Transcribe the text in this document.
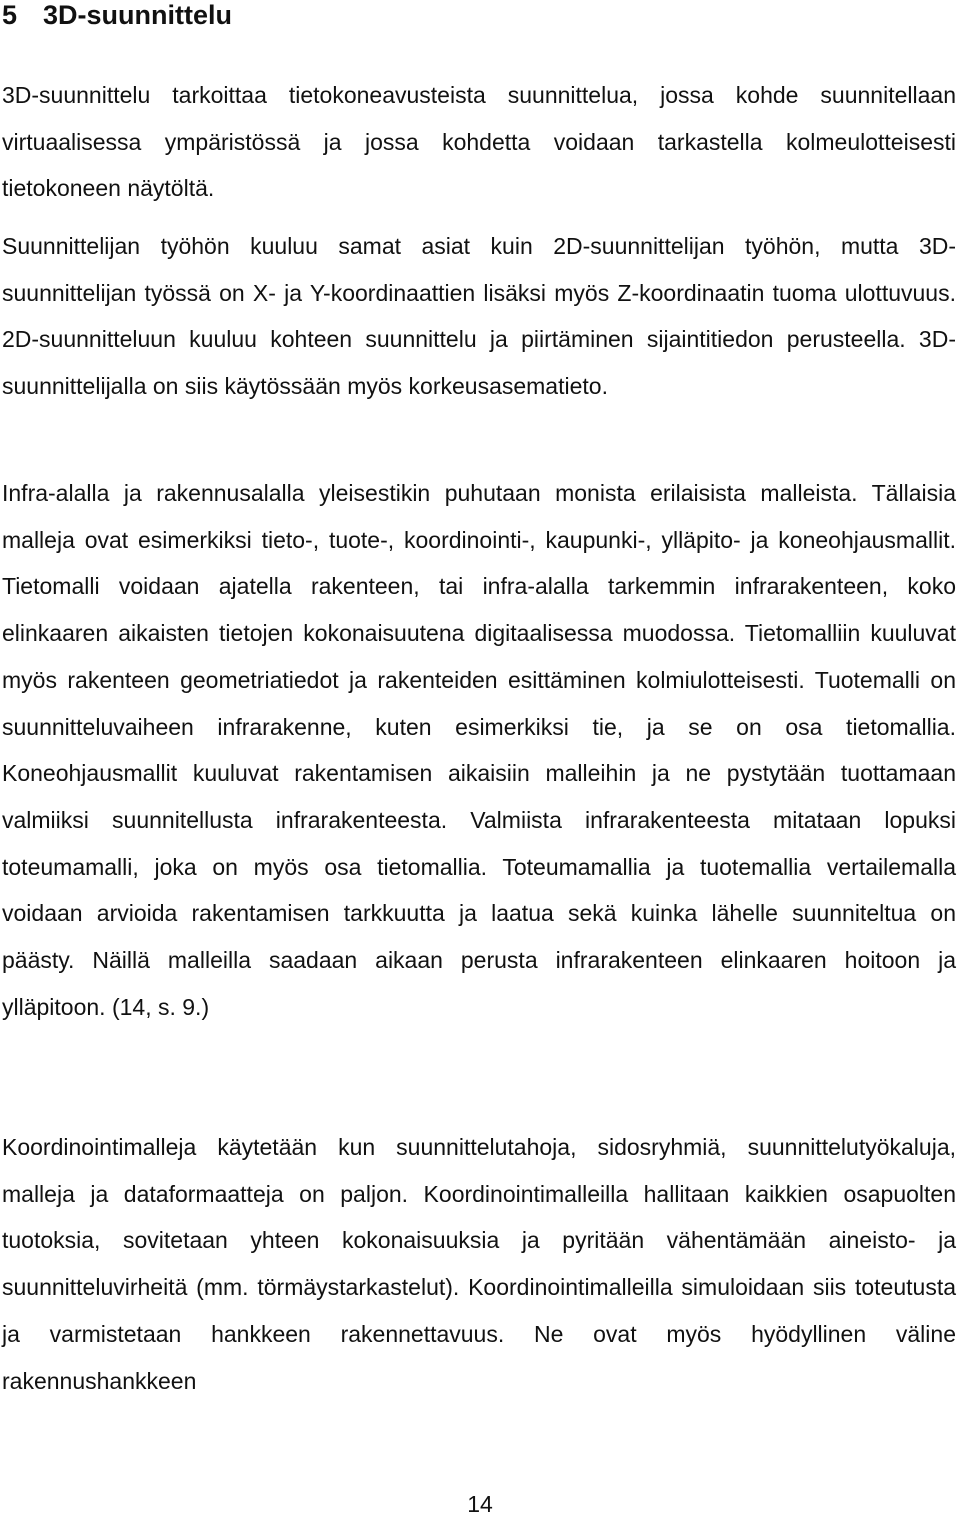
5 3D-suunnittelu

3D-suunnittelu tarkoittaa tietokoneavusteista suunnittelua, jossa kohde suunnitellaan virtuaalisessa ympäristössä ja jossa kohdetta voidaan tarkastella kolmeulotteisesti tietokoneen näytöltä.

Suunnittelijan työhön kuuluu samat asiat kuin 2D-suunnittelijan työhön, mutta 3D-suunnittelijan työssä on X- ja Y-koordinaattien lisäksi myös Z-koordinaatin tuoma ulottuvuus. 2D-suunnitteluun kuuluu kohteen suunnittelu ja piirtäminen sijaintitiedon perusteella. 3D-suunnittelijalla on siis käytössään myös korkeusasematieto.

Infra-alalla ja rakennusalalla yleisestikin puhutaan monista erilaisista malleista. Tällaisia malleja ovat esimerkiksi tieto-, tuote-, koordinointi-, kaupunki-, ylläpito- ja koneohjausmallit. Tietomalli voidaan ajatella rakenteen, tai infra-alalla tarkemmin infrarakenteen, koko elinkaaren aikaisten tietojen kokonaisuutena digitaalisessa muodossa. Tietomalliin kuuluvat myös rakenteen geometriatiedot ja rakenteiden esittäminen kolmiulotteisesti. Tuotemalli on suunnitteluvaiheen infrarakenne, kuten esimerkiksi tie, ja se on osa tietomallia. Koneohjausmallit kuuluvat rakentamisen aikaisiin malleihin ja ne pystytään tuottamaan valmiiksi suunnitellusta infrarakenteesta. Valmiista infrarakenteesta mitataan lopuksi toteumamalli, joka on myös osa tietomallia. Toteumamallia ja tuotemallia vertailemalla voidaan arvioida rakentamisen tarkkuutta ja laatua sekä kuinka lähelle suunniteltua on päästy. Näillä malleilla saadaan aikaan perusta infrarakenteen elinkaaren hoitoon ja ylläpitoon. (14, s. 9.)

Koordinointimalleja käytetään kun suunnittelutahoja, sidosryhmiä, suunnittelutyökaluja, malleja ja dataformaatteja on paljon. Koordinointimalleilla hallitaan kaikkien osapuolten tuotoksia, sovitetaan yhteen kokonaisuuksia ja pyritään vähentämään aineisto- ja suunnitteluvirheitä (mm. törmäystarkastelut). Koordinointimalleilla simuloidaan siis toteutusta ja varmistetaan hankkeen rakennettavuus. Ne ovat myös hyödyllinen väline rakennushankkeen

14
